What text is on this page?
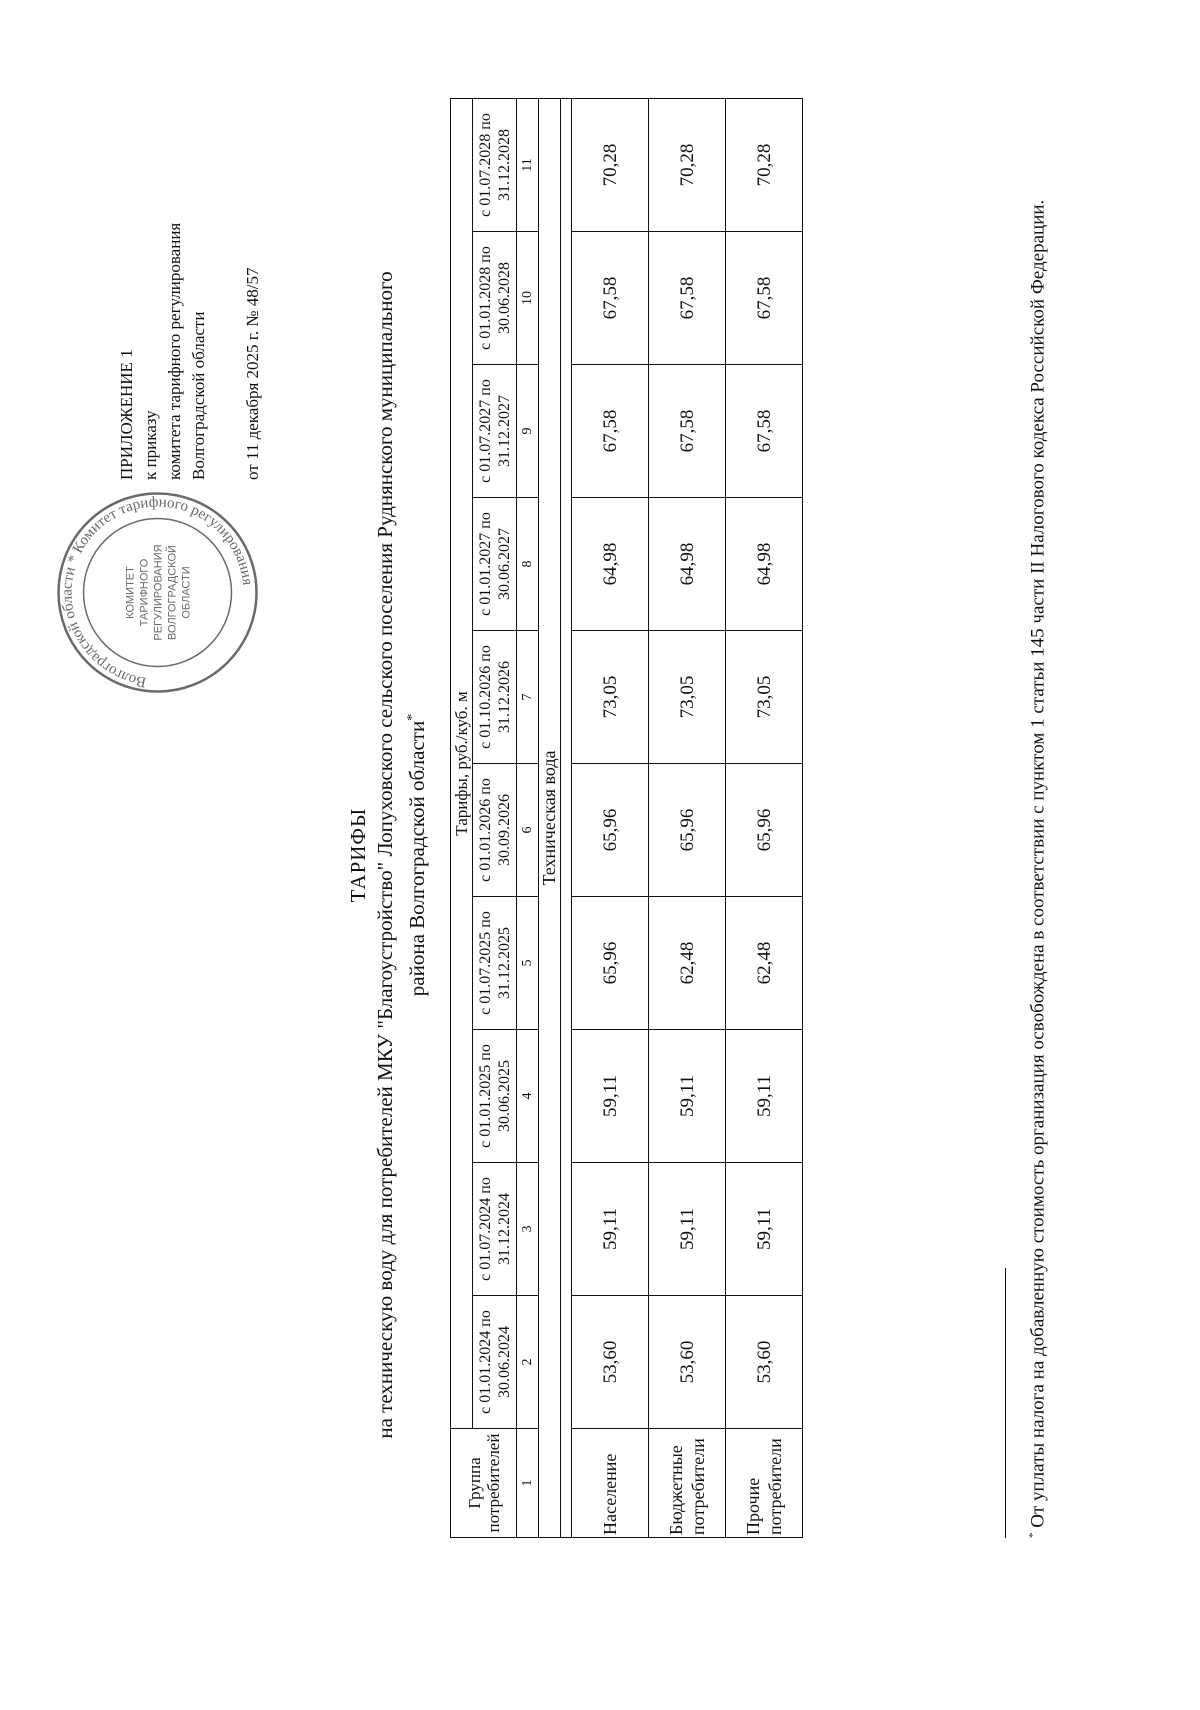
Волгоградской области * Комитет тарифного регулирования
КОМИТЕТ ТАРИФНОГО РЕГУЛИРОВАНИЯ ВОЛГОГРАДСКОЙ ОБЛАСТИ
ПРИЛОЖЕНИЕ 1 к приказу комитета тарифного регулирования Волгоградской области от 11 декабря 2025 г. № 48/57
ТАРИФЫ на техническую воду для потребителей МКУ "Благоустройство" Лопуховского сельского поселения Руднянского муниципального района Волгоградской области*
Группа потребителей	Тарифы, руб./куб. м									
	с 01.01.2024 по 30.06.2024	с 01.07.2024 по 31.12.2024	с 01.01.2025 по 30.06.2025	с 01.07.2025 по 31.12.2025	с 01.01.2026 по 30.09.2026	с 01.10.2026 по 31.12.2026	с 01.01.2027 по 30.06.2027	с 01.07.2027 по 31.12.2027	с 01.01.2028 по 30.06.2028	с 01.07.2028 по 31.12.2028
1	2	3	4	5	6	7	8	9	10	11
Техническая вода										

Население	53,60	59,11	59,11	65,96	65,96	73,05	64,98	67,58	67,58	70,28
Бюджетные потребители	53,60	59,11	59,11	62,48	65,96	73,05	64,98	67,58	67,58	70,28
Прочие потребители	53,60	59,11	59,11	62,48	65,96	73,05	64,98	67,58	67,58	70,28
* От уплаты налога на добавленную стоимость организация освобождена в соответствии с пунктом 1 статьи 145 части II Налогового кодекса Российской Федерации.
